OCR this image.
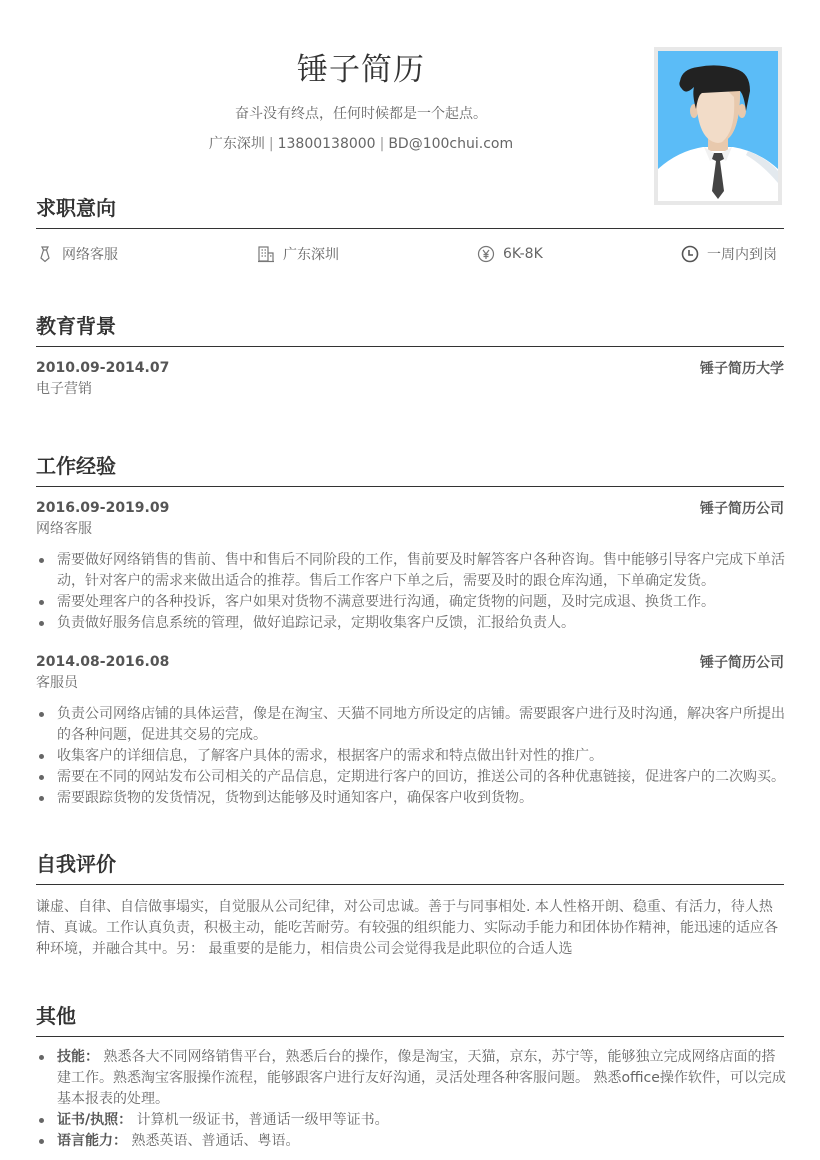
锤子简历
奋斗没有终点，任何时候都是一个起点。
广东深圳 | 13800138000 | BD@100chui.com
求职意向
网络客服	广东深圳	6K-8K	一周内到岗
教育背景
2010.09-2014.07	锤子简历大学
电子营销
工作经验
2016.09-2019.09	锤子简历公司
网络客服
需要做好网络销售的售前、售中和售后不同阶段的工作，售前要及时解答客户各种咨询。售中能够引导客户完成下单活动，针对客户的需求来做出适合的推荐。售后工作客户下单之后，需要及时的跟仓库沟通，下单确定发货。
需要处理客户的各种投诉，客户如果对货物不满意要进行沟通，确定货物的问题，及时完成退、换货工作。
负责做好服务信息系统的管理，做好追踪记录，定期收集客户反馈，汇报给负责人。
2014.08-2016.08	锤子简历公司
客服员
负责公司网络店铺的具体运营，像是在淘宝、天猫不同地方所设定的店铺。需要跟客户进行及时沟通，解决客户所提出的各种问题，促进其交易的完成。
收集客户的详细信息，了解客户具体的需求，根据客户的需求和特点做出针对性的推广。
需要在不同的网站发布公司相关的产品信息，定期进行客户的回访，推送公司的各种优惠链接，促进客户的二次购买。
需要跟踪货物的发货情况，货物到达能够及时通知客户，确保客户收到货物。
自我评价
谦虚、自律、自信做事塌实，自觉服从公司纪律，对公司忠诚。善于与同事相处. 本人性格开朗、稳重、有活力，待人热情、真诚。工作认真负责，积极主动，能吃苦耐劳。有较强的组织能力、实际动手能力和团体协作精神，能迅速的适应各种环境，并融合其中。另： 最重要的是能力，相信贵公司会觉得我是此职位的合适人选
其他
技能： 熟悉各大不同网络销售平台，熟悉后台的操作，像是淘宝，天猫，京东，苏宁等，能够独立完成网络店面的搭建工作。熟悉淘宝客服操作流程，能够跟客户进行友好沟通，灵活处理各种客服问题。 熟悉office操作软件，可以完成基本报表的处理。
证书/执照： 计算机一级证书，普通话一级甲等证书。
语言能力： 熟悉英语、普通话、粤语。
